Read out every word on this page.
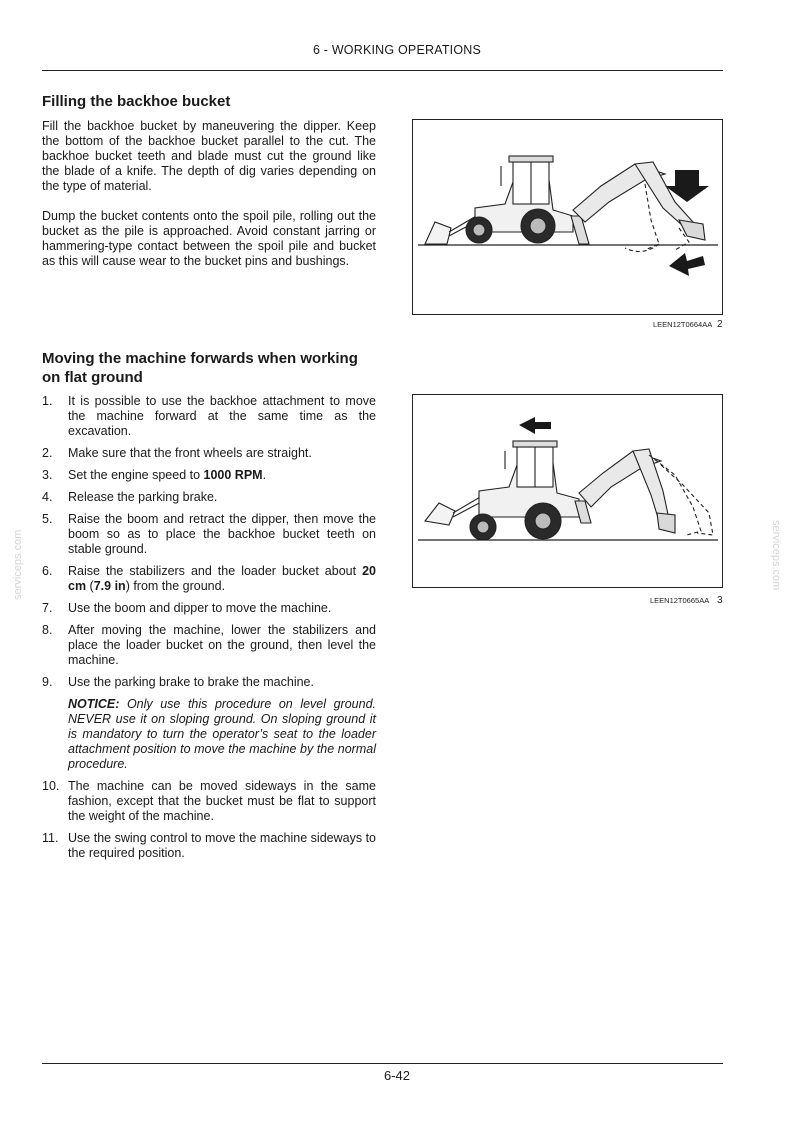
6 - WORKING OPERATIONS
Filling the backhoe bucket

Fill the backhoe bucket by maneuvering the dipper. Keep the bottom of the backhoe bucket parallel to the cut. The backhoe bucket teeth and blade must cut the ground like the blade of a knife. The depth of dig varies depending on the type of material.

Dump the bucket contents onto the spoil pile, rolling out the bucket as the pile is approached. Avoid constant jarring or hammering-type contact between the spoil pile and bucket as this will cause wear to the bucket pins and bushings.

LEEN12T0664AA 2
Moving the machine forwards when working on flat ground
1. It is possible to use the backhoe attachment to move the machine forward at the same time as the excavation.
2. Make sure that the front wheels are straight.
3. Set the engine speed to 1000 RPM.
4. Release the parking brake.
5. Raise the boom and retract the dipper, then move the boom so as to place the backhoe bucket teeth on stable ground.
6. Raise the stabilizers and the loader bucket about 20 cm (7.9 in) from the ground.
7. Use the boom and dipper to move the machine.
8. After moving the machine, lower the stabilizers and place the loader bucket on the ground, then level the machine.
9. Use the parking brake to brake the machine.
NOTICE: Only use this procedure on level ground. NEVER use it on sloping ground. On sloping ground it is mandatory to turn the operator’s seat to the loader attachment position to move the machine by the normal procedure.
10. The machine can be moved sideways in the same fashion, except that the bucket must be flat to support the weight of the machine.
11. Use the swing control to move the machine sideways to the required position.
LEEN12T0665AA 3
serviceps.com	serviceps.com
6-42
